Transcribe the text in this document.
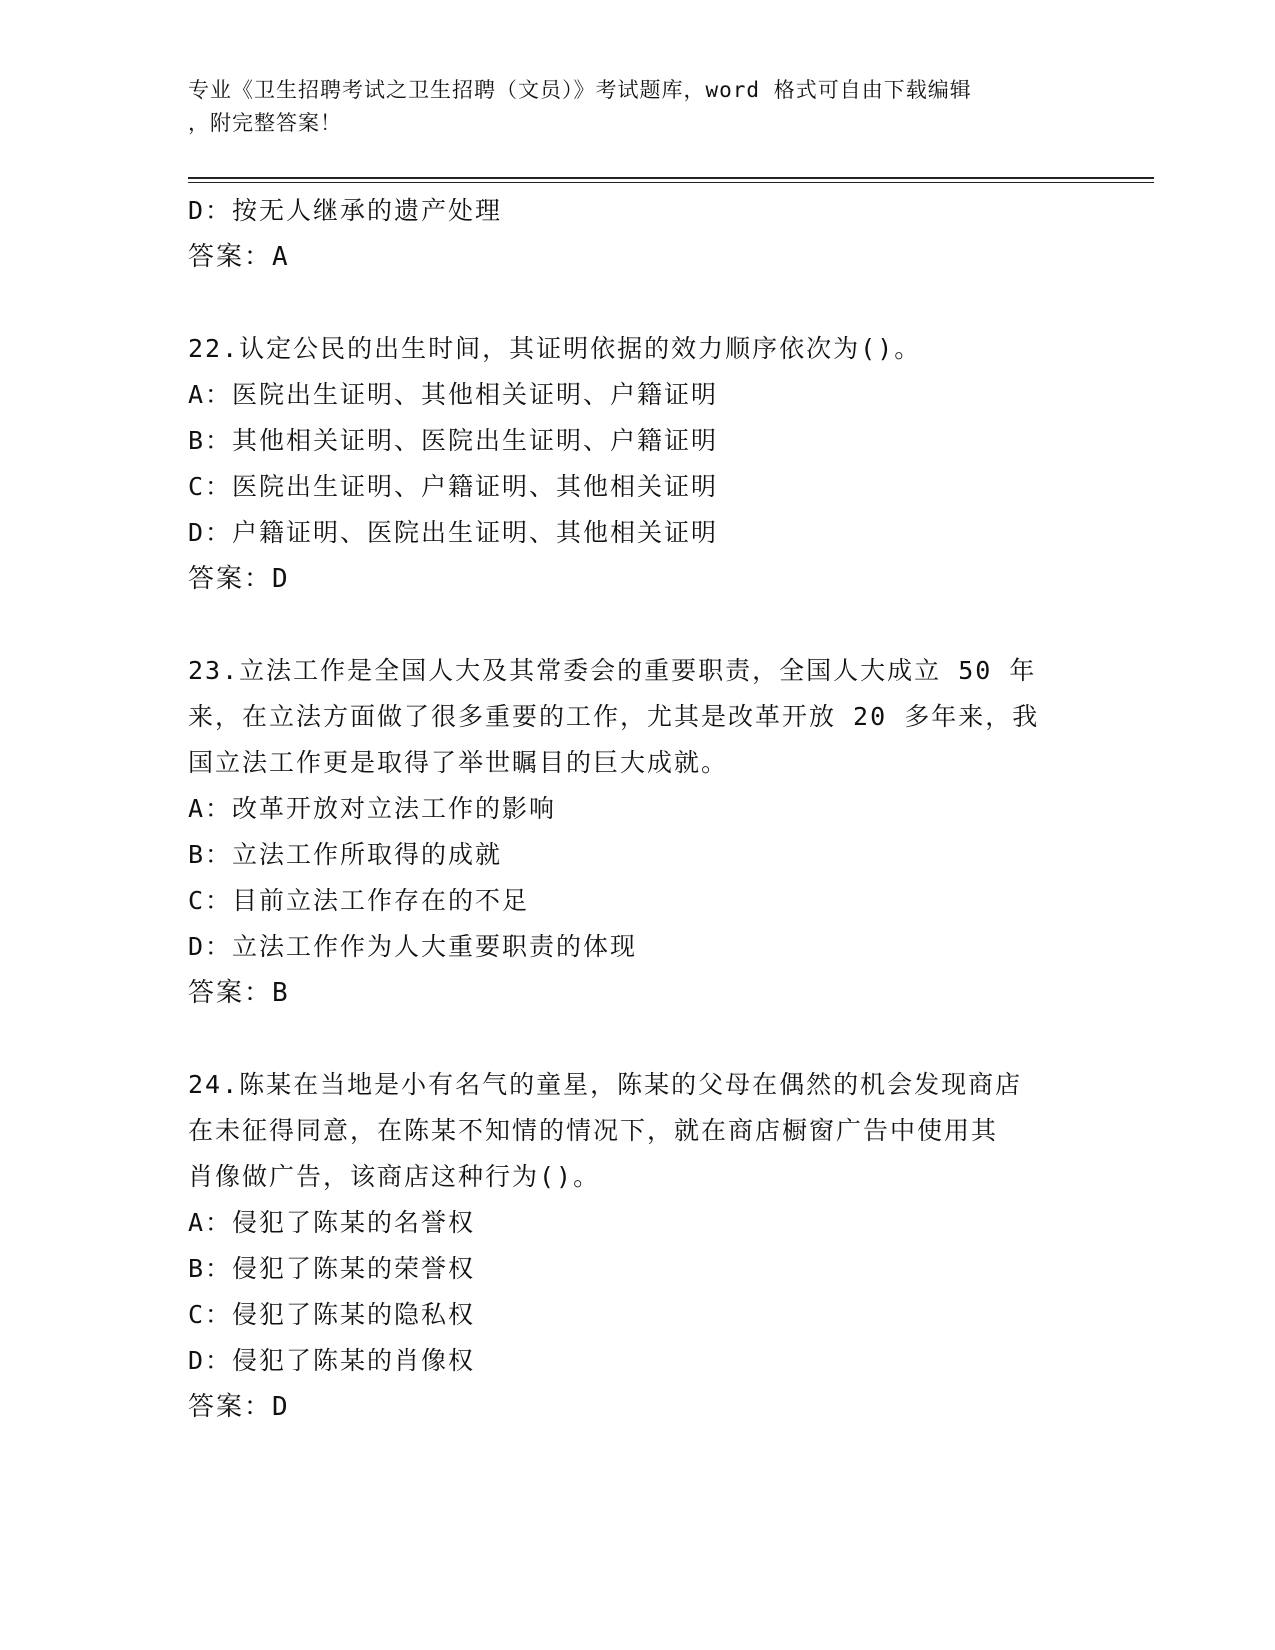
专业《卫生招聘考试之卫生招聘（文员）》考试题库，word 格式可自由下载编辑
，附完整答案！
D：按无人继承的遗产处理
答案：A
22.认定公民的出生时间，其证明依据的效力顺序依次为()。
A：医院出生证明、其他相关证明、户籍证明
B：其他相关证明、医院出生证明、户籍证明
C：医院出生证明、户籍证明、其他相关证明
D：户籍证明、医院出生证明、其他相关证明
答案：D
23.立法工作是全国人大及其常委会的重要职责，全国人大成立 50 年
来，在立法方面做了很多重要的工作，尤其是改革开放 20 多年来，我
国立法工作更是取得了举世瞩目的巨大成就。
A：改革开放对立法工作的影响
B：立法工作所取得的成就
C：目前立法工作存在的不足
D：立法工作作为人大重要职责的体现
答案：B
24.陈某在当地是小有名气的童星，陈某的父母在偶然的机会发现商店
在未征得同意，在陈某不知情的情况下，就在商店橱窗广告中使用其
肖像做广告，该商店这种行为()。
A：侵犯了陈某的名誉权
B：侵犯了陈某的荣誉权
C：侵犯了陈某的隐私权
D：侵犯了陈某的肖像权
答案：D
